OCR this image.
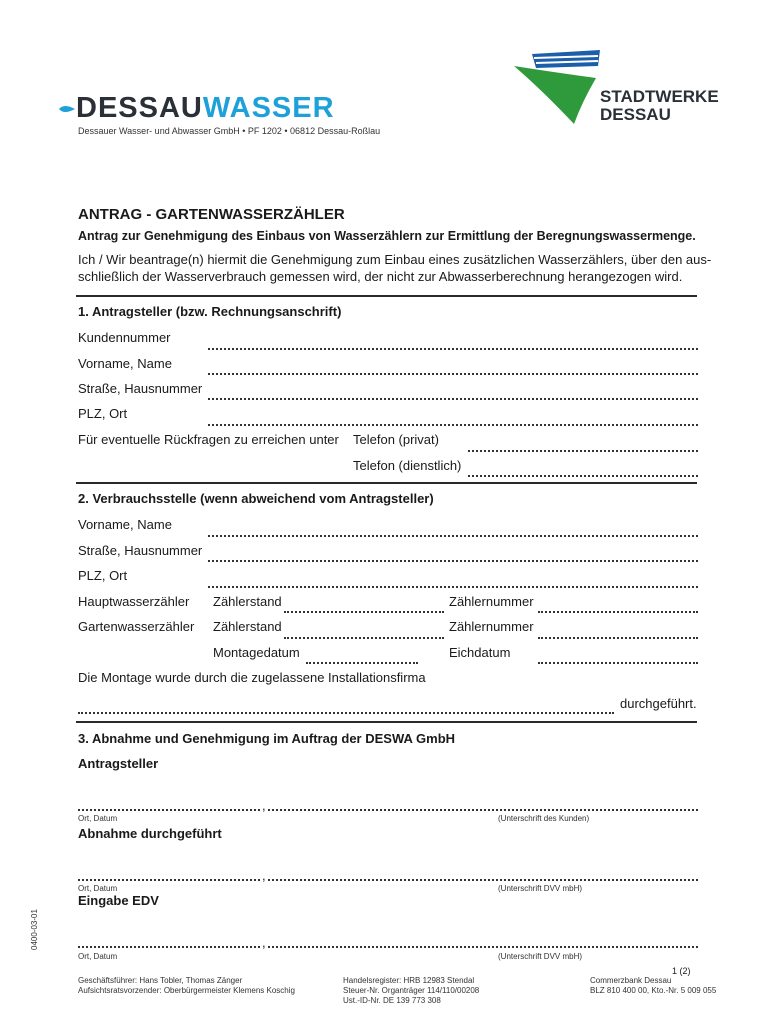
DESSAUWASSER
Dessauer Wasser- und Abwasser GmbH • PF 1202 • 06812 Dessau-Roßlau
STADTWERKE
DESSAU
ANTRAG - GARTENWASSERZÄHLER
Antrag zur Genehmigung des Einbaus von Wasserzählern zur Ermittlung der Beregnungswassermenge.
Ich / Wir beantrage(n) hiermit die Genehmigung zum Einbau eines zusätzlichen Wasserzählers, über den aus-
schließlich der Wasserverbrauch gemessen wird, der nicht zur Abwasserberechnung herangezogen wird.
1. Antragsteller (bzw. Rechnungsanschrift)
Kundennummer
Vorname, Name
Straße, Hausnummer
PLZ, Ort
Für eventuelle Rückfragen zu erreichen unter Telefon (privat)
Telefon (dienstlich)
2. Verbrauchsstelle (wenn abweichend vom Antragsteller)
Vorname, Name
Straße, Hausnummer
PLZ, Ort
Hauptwasserzähler Zählerstand	Zählernummer
Gartenwasserzähler Zählerstand	Zählernummer
Montagedatum	Eichdatum
Die Montage wurde durch die zugelassene Installationsfirma
durchgeführt.
3. Abnahme und Genehmigung im Auftrag der DESWA GmbH
Antragsteller
,
Ort, Datum	(Unterschrift des Kunden)
Abnahme durchgeführt
,
Ort, Datum	(Unterschrift DVV mbH)
Eingabe EDV
,
Ort, Datum	(Unterschrift DVV mbH)
0400-03-01
1 (2)
Geschäftsführer: Hans Tobler, Thomas Zänger
Aufsichtsratsvorzender: Oberbürgermeister Klemens Koschig
Handelsregister: HRB 12983 Stendal
Steuer-Nr. Organträger 114/110/00208
Ust.-ID-Nr. DE 139 773 308
Commerzbank Dessau
BLZ 810 400 00, Kto.-Nr. 5 009 055
